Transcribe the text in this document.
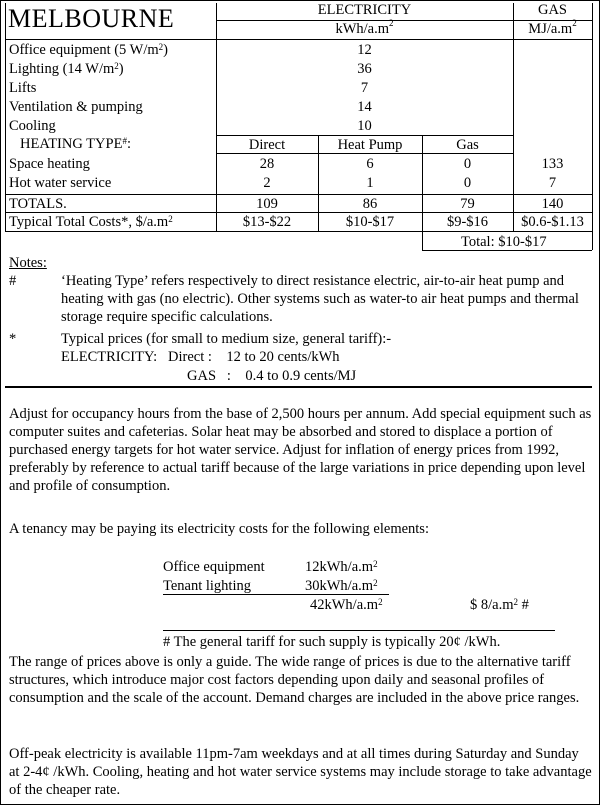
MELBOURNE	ELECTRICITY
kWh/$a.m^2$
GAS
$MJ/a.m^2$
Office equipment (5 $W/m^2$)	12
Lighting (14 $W/m^2$)	36
Lifts	7
Ventilation & pumping	14
Cooling	10
HEATING TYPE#:	Direct	Heat Pump	Gas
Space heating	28	6	0	133
Hot water service	2	1	0	7
TOTALS.	109	86	79	140
Typical Total Costs*, $\$/a.m^2$	$13-$22	$10-$17	$9-$16	$0.6-$1.13
Total: $10-$17
Notes:
#	‘Heating Type’ refers respectively to direct resistance electric, air-to-air heat pump and heating with gas (no electric). Other systems such as water-to air heat pumps and thermal storage require specific calculations.
*	Typical prices (for small to medium size, general tariff):-
ELECTRICITY:   Direct :    12 to 20 cents/kWh
GAS   :    0.4 to 0.9 cents/MJ
Adjust for occupancy hours from the base of 2,500 hours per annum. Add special equipment such as computer suites and cafeterias. Solar heat may be absorbed and stored to displace a portion of purchased energy targets for hot water service. Adjust for inflation of energy prices from 1992, preferably by reference to actual tariff because of the large variations in price depending upon level and profile of consumption.
A tenancy may be paying its electricity costs for the following elements:
Office equipment	$12kWh/a.m^2$
Tenant lighting	$30kWh/a.m^2$
$42kWh/a.m^2$	$ $8/a.m^2$ #
# The general tariff for such supply is typically 20¢ /kWh.
The range of prices above is only a guide. The wide range of prices is due to the alternative tariff structures, which introduce major cost factors depending upon daily and seasonal profiles of consumption and the scale of the account. Demand charges are included in the above price ranges.
Off-peak electricity is available 11pm-7am weekdays and at all times during Saturday and Sunday at 2-4¢ /kWh. Cooling, heating and hot water service systems may include storage to take advantage of the cheaper rate.
